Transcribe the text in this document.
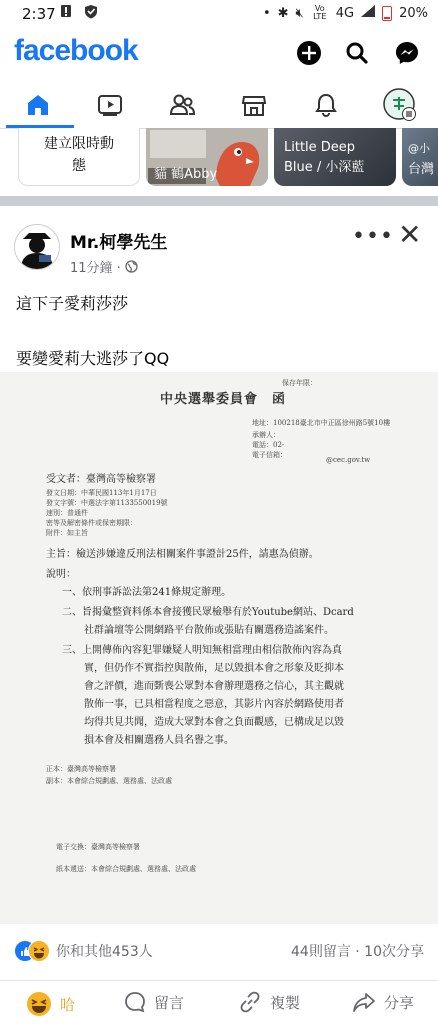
2:37	• ✱ 🔇︎	Vo LTE 4G	20%
facebook
建立限時動
態
貓 鶴Abby
Little Deep
Blue / 小深藍
@小
台灣
Mr.柯學先生
11分鐘 ·
••• ✕
這下子愛莉莎莎
要變愛莉大逃莎了QQ
保存年限：
中央選舉委員會　函
地址：100218臺北市中正區徐州路5號10樓
承辦人：
電話：02-
電子信箱：
@cec.gov.tw
受文者：臺灣高等檢察署
發文日期：中華民國113年1月17日
發文字號：中選法字第1133550019號
速別：普通件
密等及解密條件或保密期限：
附件：如主旨
主旨：檢送涉嫌違反刑法相關案件事證計25件，請惠為偵辦。
說明：
一、依刑事訴訟法第241條規定辦理。
二、旨揭彙整資料係本會接獲民眾檢舉有於Youtube網站、Dcard
社群論壇等公開網路平台散佈或張貼有關選務造謠案件。
三、上開傳佈內容犯罪嫌疑人明知無相當理由相信散佈內容為真
實，但仍作不實指控與散佈，足以毀損本會之形象及貶抑本
會之評價，進而斲喪公眾對本會辦理選務之信心，其主觀就
散佈一事，已具相當程度之惡意，其影片內容於網路使用者
均得共見共聞，造成大眾對本會之負面觀感，已構成足以毀
損本會及相關選務人員名譽之事。
正本：臺灣高等檢察署
副本：本會綜合規劃處、選務處、法政處
電子交換：臺灣高等檢察署
紙本遞送：本會綜合規劃處、選務處、法政處
你和其他453人	44則留言 · 10次分享
哈	留言	複製	分享
